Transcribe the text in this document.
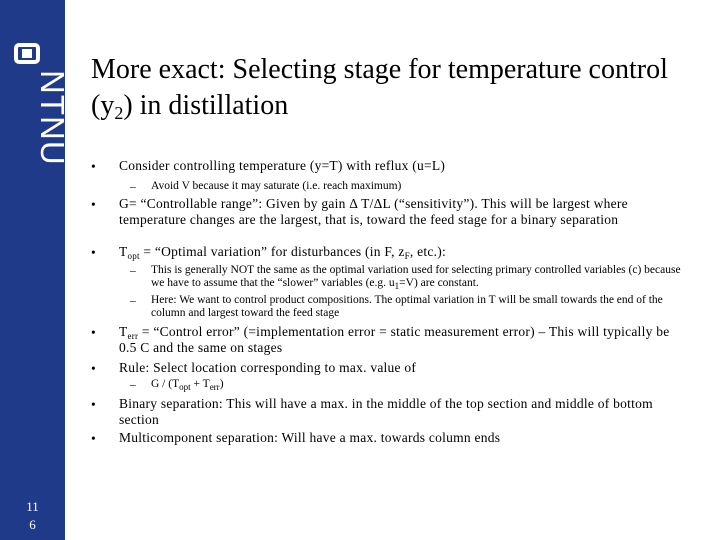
NTNU
11
6
More exact: Selecting stage for temperature control $(y_2)$ in distillation
• Consider controlling temperature (y=T) with reflux (u=L)
– Avoid V because it may saturate (i.e. reach maximum)
• G= “Controllable range”: Given by gain Δ T/ΔL (“sensitivity”). This will be largest where temperature changes are the largest, that is, toward the feed stage for a binary separation
• $T_{opt}$ = “Optimal variation” for disturbances (in F, $z_F$, etc.):
– This is generally NOT the same as the optimal variation used for selecting primary controlled variables (c) because we have to assume that the “slower” variables (e.g. $u_1=V$) are constant.
– Here: We want to control product compositions. The optimal variation in T will be small towards the end of the column and largest toward the feed stage
• $T_{err}$ = “Control error” (=implementation error = static measurement error) – This will typically be 0.5 C and the same on stages
• Rule: Select location corresponding to max. value of
– $G / (T_{opt} + T_{err})$
• Binary separation: This will have a max. in the middle of the top section and middle of bottom section
• Multicomponent separation: Will have a max. towards column ends
